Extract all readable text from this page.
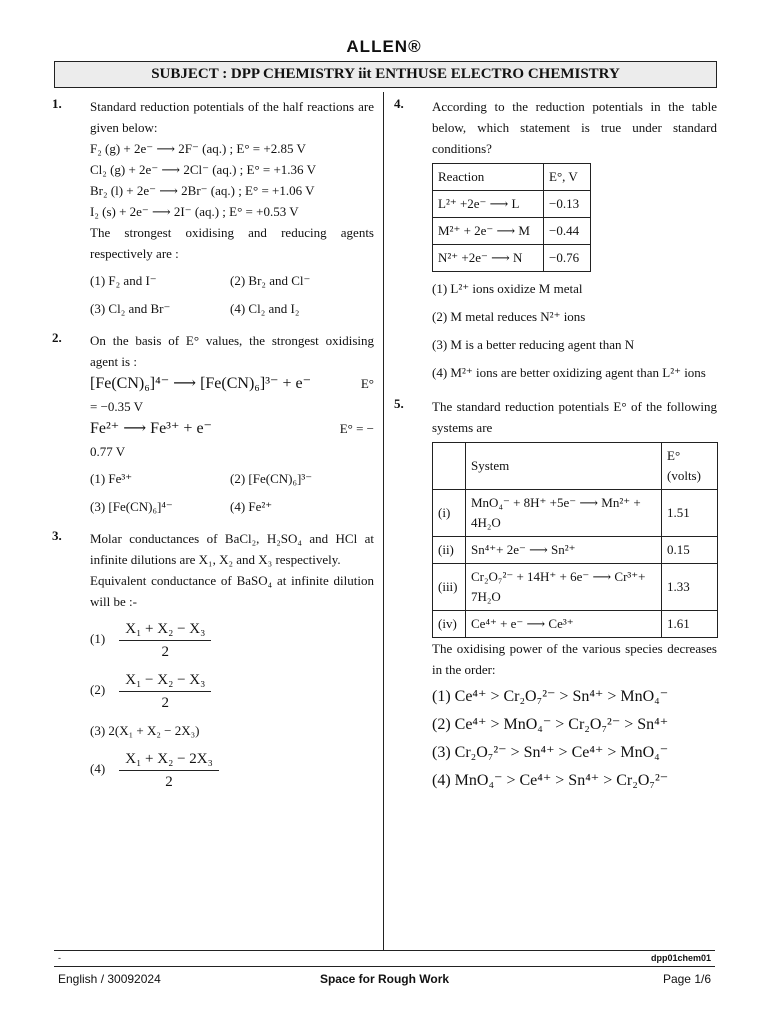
ALLEN®
SUBJECT : DPP CHEMISTRY iit ENTHUSE ELECTRO CHEMISTRY
1. Standard reduction potentials of the half reactions are given below:

F₂ (g) + 2e⁻ ⟶ 2F⁻ (aq.) ; E° = +2.85 V
Cl₂ (g) + 2e⁻ ⟶ 2Cl⁻ (aq.) ; E° = +1.36 V
Br₂ (l) + 2e⁻ ⟶ 2Br⁻ (aq.) ; E° = +1.06 V
I₂ (s) + 2e⁻ ⟶ 2I⁻ (aq.) ; E° = +0.53 V

The strongest oxidising and reducing agents respectively are :

(1) F₂ and I⁻	(2) Br₂ and Cl⁻
(3) Cl₂ and Br⁻	(4) Cl₂ and I₂
2. On the basis of E° values, the strongest oxidising agent is :

[Fe(CN)₆]⁴⁻ ⟶ [Fe(CN)₆]³⁻ + e⁻	E°
= −0.35 V
Fe²⁺ ⟶ Fe³⁺ + e⁻	E° = −
0.77 V
(1) Fe³⁺	(2) [Fe(CN)₆]³⁻
(3) [Fe(CN)₆]⁴⁻	(4) Fe²⁺
3. Molar conductances of BaCl₂, H₂SO₄ and HCl at infinite dilutions are X₁, X₂ and X₃ respectively.

Equivalent conductance of BaSO₄ at infinite dilution will be :-

$(1) \frac{\text{X₁ + X₂ − X₃}}{2}$
$(2) \frac{\text{X₁ − X₂ − X₃}}{2}$
(3) 2(X₁ + X₂ − 2X₃)
$(4) \frac{\text{X₁ + X₂ − 2X₃}}{2}$
4. According to the reduction potentials in the table below, which statement is true under standard conditions?

Reaction	E°, V
L²⁺ +2e⁻ ⟶ L	−0.13
M²⁺ + 2e⁻ ⟶ M	−0.44
N²⁺ +2e⁻ ⟶ N	−0.76
(1) L²⁺ ions oxidize M metal
(2) M metal reduces N²⁺ ions
(3) M is a better reducing agent than N
(4) M²⁺ ions are better oxidizing agent than L²⁺ ions
5. The standard reduction potentials E° of the following systems are

	System	E° (volts)
(i)	MnO₄⁻ + 8H⁺ +5e⁻ ⟶ Mn²⁺ + 4H₂O	1.51
(ii)	Sn⁴⁺+ 2e⁻ ⟶ Sn²⁺	0.15
(iii)	Cr₂O₇²⁻ + 14H⁺ + 6e⁻ ⟶ Cr³⁺+ 7H₂O	1.33
(iv)	Ce⁴⁺ + e⁻ ⟶ Ce³⁺	1.61

The oxidising power of the various species decreases in the order:

(1) Ce⁴⁺ > Cr₂O₇²⁻ > Sn⁴⁺ > MnO₄⁻
(2) Ce⁴⁺ > MnO₄⁻ > Cr₂O₇²⁻ > Sn⁴⁺
(3) Cr₂O₇²⁻ > Sn⁴⁺ > Ce⁴⁺ > MnO₄⁻
(4) MnO₄⁻ > Ce⁴⁺ > Sn⁴⁺ > Cr₂O₇²⁻
-	dpp01chem01
English / 30092024	Space for Rough Work	Page 1/6
